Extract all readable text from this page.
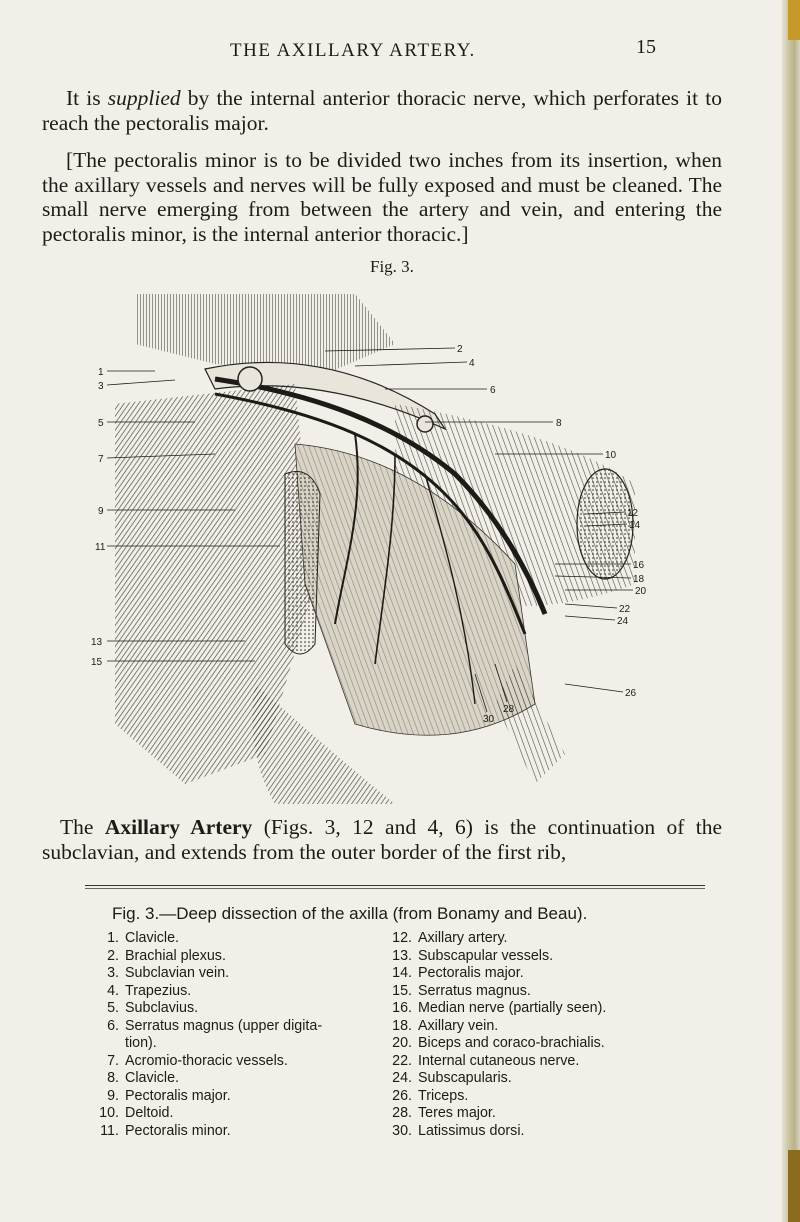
THE AXILLARY ARTERY.	15

It is supplied by the internal anterior thoracic nerve, which perforates it to reach the pectoralis major.

[The pectoralis minor is to be divided two inches from its insertion, when the axillary vessels and nerves will be fully exposed and must be cleaned. The small nerve emerging from between the artery and vein, and entering the pectoralis minor, is the internal anterior thoracic.]

Fig. 3.
1
3
5
7
9
11
13
15
2
4
6
8
10
12
14
16
18
20
22
24
26
28
30

The Axillary Artery (Figs. 3, 12 and 4, 6) is the continuation of the subclavian, and extends from the outer border of the first rib,

Fig. 3.—Deep dissection of the axilla (from Bonamy and Beau).
1. Clavicle.
2. Brachial plexus.
3. Subclavian vein.
4. Trapezius.
5. Subclavius.
6. Serratus magnus (upper digita-
tion).
7. Acromio-thoracic vessels.
8. Clavicle.
9. Pectoralis major.
10. Deltoid.
11. Pectoralis minor.
12. Axillary artery.
13. Subscapular vessels.
14. Pectoralis major.
15. Serratus magnus.
16. Median nerve (partially seen).
18. Axillary vein.
20. Biceps and coraco-brachialis.
22. Internal cutaneous nerve.
24. Subscapularis.
26. Triceps.
28. Teres major.
30. Latissimus dorsi.
